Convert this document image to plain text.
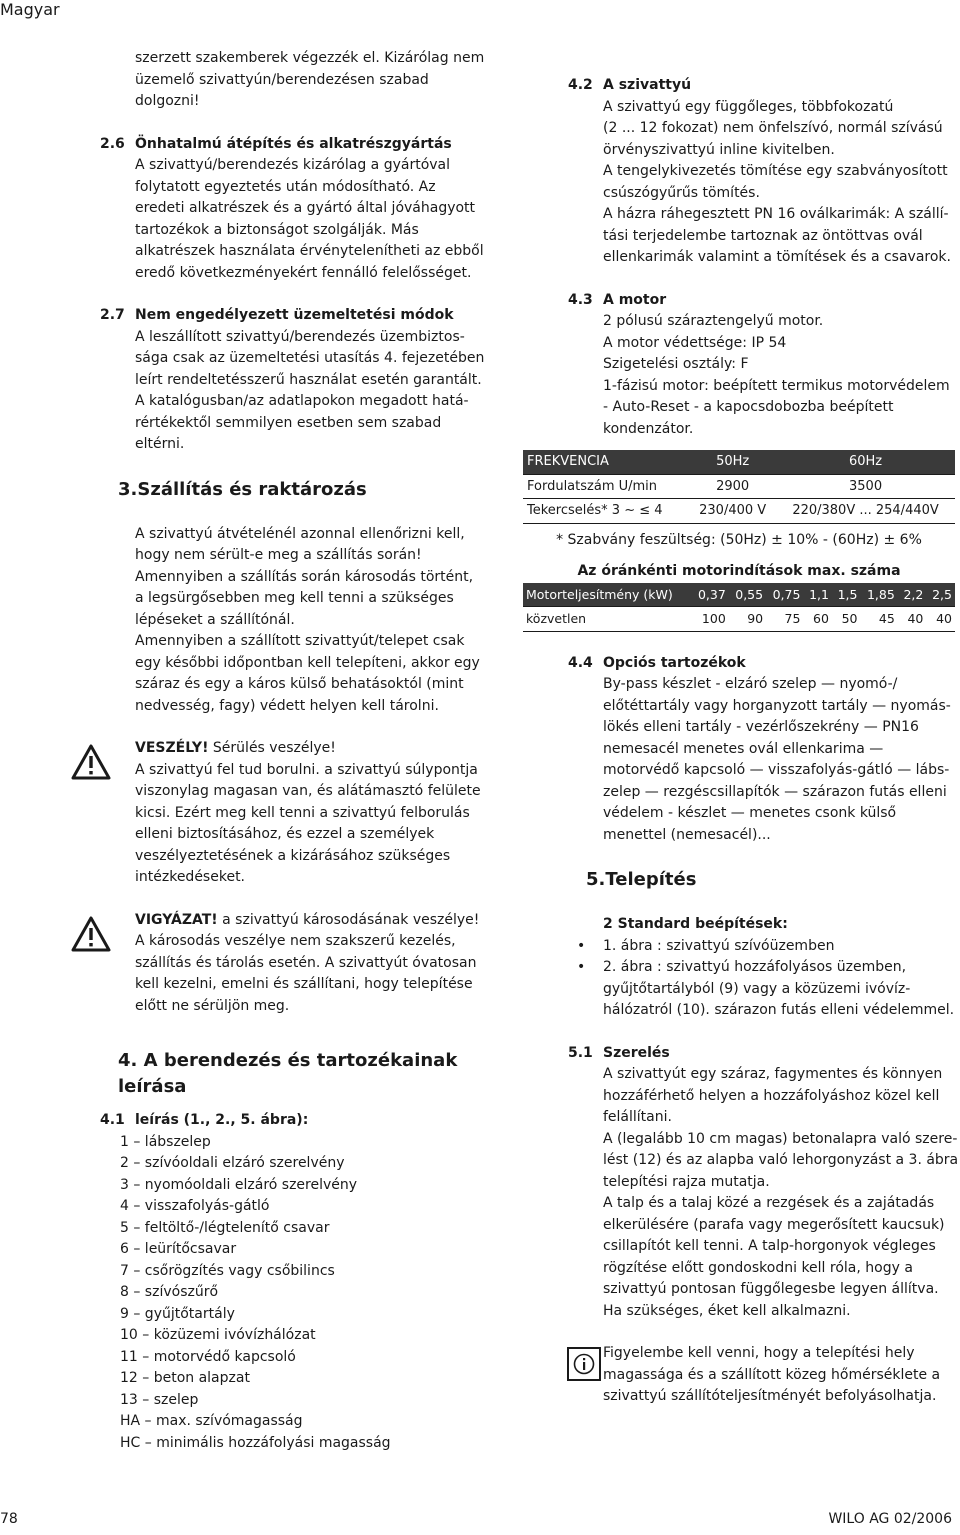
Magyar

szerzett szakemberek végezzék el. Kizárólag nem

üzemelő szivattyún/berendezésen szabad

dolgozni!

2.6 Önhatalmú átépítés és alkatrészgyártás

A szivattyú/berendezés kizárólag a gyártóval

folytatott egyeztetés után módosítható. Az

eredeti alkatrészek és a gyártó által jóváhagyott

tartozékok a biztonságot szolgálják. Más

alkatrészek használata érvénytelenítheti az ebből

eredő következményekért fennálló felelősséget.

2.7 Nem engedélyezett üzemeltetési módok

A leszállított szivattyú/berendezés üzembiztos-

sága csak az üzemeltetési utasítás 4. fejezetében

leírt rendeltetésszerű használat esetén garantált.

A katalógusban/az adatlapokon megadott hatá-

rértékektől semmilyen esetben sem szabad

eltérni.

3.Szállítás és raktározás

A szivattyú átvételénél azonnal ellenőrizni kell,

hogy nem sérült-e meg a szállítás során!

Amennyiben a szállítás során károsodás történt,

a legsürgősebben meg kell tenni a szükséges

lépéseket a szállítónál.

Amennyiben a szállított szivattyút/telepet csak

egy későbbi időpontban kell telepíteni, akkor egy

száraz és egy a káros külső behatásoktól (mint

nedvesség, fagy) védett helyen kell tárolni.

VESZÉLY! Sérülés veszélye!

A szivattyú fel tud borulni. a szivattyú súlypontja

viszonylag magasan van, és alátámasztó felülete

kicsi. Ezért meg kell tenni a szivattyú felborulás

elleni biztosításához, és ezzel a személyek

veszélyeztetésének a kizárásához szükséges

intézkedéseket.

VIGYÁZAT! a szivattyú károsodásának veszélye!

A károsodás veszélye nem szakszerű kezelés,

szállítás és tárolás esetén. A szivattyút óvatosan

kell kezelni, emelni és szállítani, hogy telepítése

előtt ne sérüljön meg.

4. A berendezés és tartozékainak leírása
4.1 leírás (1., 2., 5. ábra):

1 – lábszelep

2 – szívóoldali elzáró szerelvény

3 – nyomóoldali elzáró szerelvény

4 – visszafolyás-gátló

5 – feltöltő-/légtelenítő csavar

6 – leürítőcsavar

7 – csőrögzítés vagy csőbilincs

8 – szívószűrő

9 – gyűjtőtartály

10 – közüzemi ivóvízhálózat

11 – motorvédő kapcsoló

12 – beton alapzat

13 – szelep

HA – max. szívómagasság

HC – minimális hozzáfolyási magasság

4.2 A szivattyú

A szivattyú egy függőleges, többfokozatú

(2 ... 12 fokozat) nem önfelszívó, normál szívású

örvényszivattyú inline kivitelben.

A tengelykivezetés tömítése egy szabványosított

csúszógyűrűs tömítés.

A házra ráhegesztett PN 16 oválkarimák: A szállí-

tási terjedelembe tartoznak az öntöttvas ovál

ellenkarimák valamint a tömítések és a csavarok.

4.3 A motor

2 pólusú száraztengelyű motor.

A motor védettsége: IP 54

Szigetelési osztály: F

1-fázisú motor: beépített termikus motorvédelem

- Auto-Reset - a kapocsdobozba beépített

kondenzátor.

FREKVENCIA	50Hz	60Hz
Fordulatszám U/min	2900	3500
Tekercselés* 3 ~ ≤ 4	230/400 V	220/380V ... 254/440V

* Szabvány feszültség: (50Hz) ± 10% - (60Hz) ± 6%

Az óránkénti motorindítások max. száma

Motorteljesítmény (kW)	0,37	0,55	0,75	1,1	1,5	1,85	2,2	2,5
közvetlen	100	90	75	60	50	45	40	40
4.4 Opciós tartozékok

By-pass készlet - elzáró szelep — nyomó-/

előtéttartály vagy horganyzott tartály — nyomás-

lökés elleni tartály - vezérlőszekrény — PN16

nemesacél menetes ovál ellenkarima —

motorvédő kapcsoló — visszafolyás-gátló — lábs-

zelep — rezgéscsillapítók — szárazon futás elleni

védelem - készlet — menetes csonk külső

menettel (nemesacél)...

5.Telepítés

2 Standard beépítések:

• 1. ábra : szivattyú szívóüzemben
• 2. ábra : szivattyú hozzáfolyásos üzemben,
gyűjtőtartályból (9) vagy a közüzemi ivóvíz-
hálózatról (10). szárazon futás elleni védelemmel.
5.1 Szerelés

A szivattyút egy száraz, fagymentes és könnyen

hozzáférhető helyen a hozzáfolyáshoz közel kell

felállítani.

A (legalább 10 cm magas) betonalapra való szere-

lést (12) és az alapba való lehorgonyzást a 3. ábra

telepítési rajza mutatja.

A talp és a talaj közé a rezgések és a zajátadás

elkerülésére (parafa vagy megerősített kaucsuk)

csillapítót kell tenni. A talp-horgonyok végleges

rögzítése előtt gondoskodni kell róla, hogy a

szivattyú pontosan függőlegesbe legyen állítva.

Ha szükséges, éket kell alkalmazni.

Figyelembe kell venni, hogy a telepítési hely

magassága és a szállított közeg hőmérséklete a

szivattyú szállítóteljesítményét befolyásolhatja.

78	WILO AG 02/2006
